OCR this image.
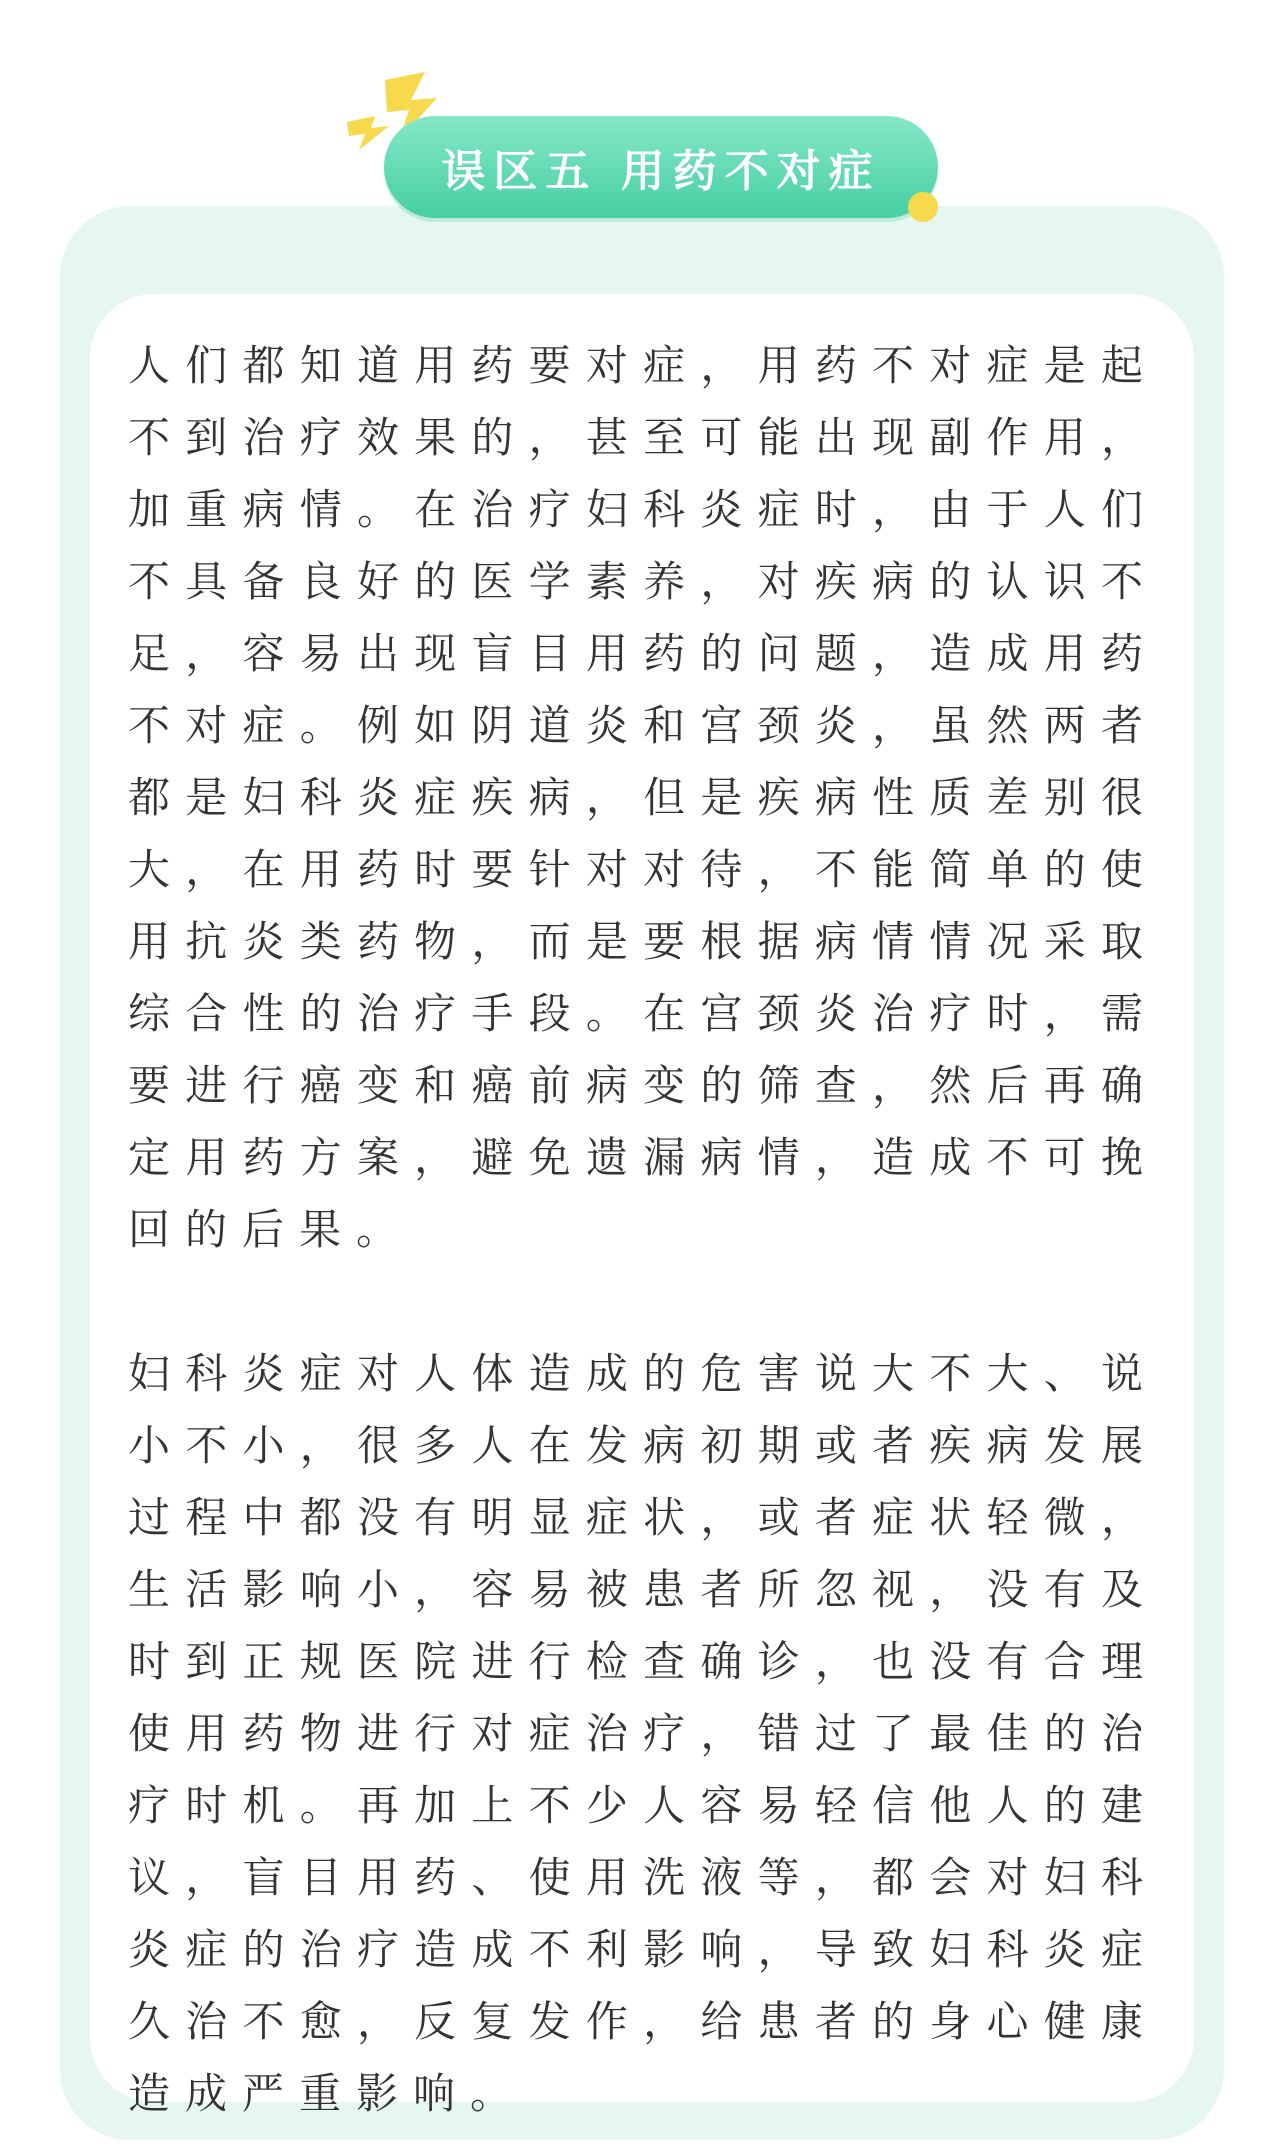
误区五 用药不对症

人们都知道用药要对症，用药不对症是起不到治疗效果的，甚至可能出现副作用，加重病情。在治疗妇科炎症时，由于人们不具备良好的医学素养，对疾病的认识不足，容易出现盲目用药的问题，造成用药不对症。例如阴道炎和宫颈炎，虽然两者都是妇科炎症疾病，但是疾病性质差别很大，在用药时要针对对待，不能简单的使用抗炎类药物，而是要根据病情情况采取综合性的治疗手段。在宫颈炎治疗时，需要进行癌变和癌前病变的筛查，然后再确定用药方案，避免遗漏病情，造成不可挽回的后果。

妇科炎症对人体造成的危害说大不大、说小不小，很多人在发病初期或者疾病发展过程中都没有明显症状，或者症状轻微，生活影响小，容易被患者所忽视，没有及时到正规医院进行检查确诊，也没有合理使用药物进行对症治疗，错过了最佳的治疗时机。再加上不少人容易轻信他人的建议，盲目用药、使用洗液等，都会对妇科炎症的治疗造成不利影响，导致妇科炎症久治不愈，反复发作，给患者的身心健康造成严重影响。
